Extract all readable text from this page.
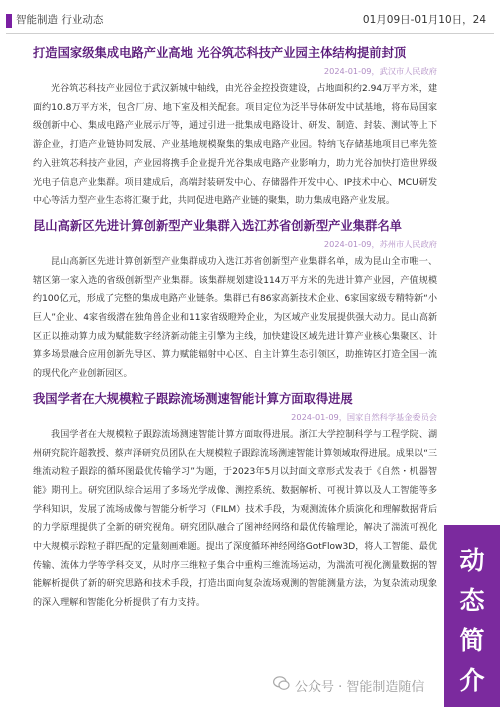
智能制造 行业动态	01月09日-01月10日，24
打造国家级集成电路产业高地 光谷筑芯科技产业园主体结构提前封顶
2024-01-09，武汉市人民政府

光谷筑芯科技产业园位于武汉新城中轴线，由光谷金控投资建设，占地面积约2.94万平方米，建面约10.8万平方米，包含厂房、地下室及相关配套。项目定位为泛半导体研发中试基地，将布局国家级创新中心、集成电路产业展示厅等，通过引进一批集成电路设计、研发、制造、封装、测试等上下游企业，打造产业链协同发展、产业基地规模聚集的集成电路产业园。特纳飞存储基地项目已率先签约入驻筑芯科技产业园，产业园将携手企业提升光谷集成电路产业影响力，助力光谷加快打造世界级光电子信息产业集群。项目建成后，高端封装研发中心、存储器件开发中心、IP技术中心、MCU研发中心等活力型产业生态将汇聚于此，共同促进电路产业链的聚集，助力集成电路产业发展。

昆山高新区先进计算创新型产业集群入选江苏省创新型产业集群名单
2024-01-09，苏州市人民政府

昆山高新区先进计算创新型产业集群成功入选江苏省创新型产业集群名单，成为昆山全市唯一、辖区第一家入选的省级创新型产业集群。该集群规划建设114万平方米的先进计算产业园，产值规模约100亿元，形成了完整的集成电路产业链条。集群已有86家高新技术企业、6家国家级专精特新“小巨人”企业、4家省级潜在独角兽企业和11家省级瞪羚企业，为区域产业发展提供强大动力。昆山高新区正以推动算力成为赋能数字经济新动能主引擎为主线，加快建设区域先进计算产业核心集聚区、计算多场景融合应用创新先导区、算力赋能辐射中心区、自主计算生态引领区，助推铸区打造全国一流的现代化产业创新园区。

我国学者在大规模粒子跟踪流场测速智能计算方面取得进展
2024-01-09，国家自然科学基金委员会

我国学者在大规模粒子跟踪流场测速智能计算方面取得进展。浙江大学控制科学与工程学院、湖州研究院许超教授、蔡声泽研究员团队在大规模粒子跟踪流场测速智能计算领域取得进展。成果以“三维流动粒子跟踪的循环图最优传输学习”为题，于2023年5月以封面文章形式发表于《自然・机器智能》期刊上。研究团队综合运用了多场光学成像、测控系统、数据解析、可视计算以及人工智能等多学科知识，发展了流场成像与智能分析学习（FILM）技术手段，为观测流体介质演化和理解数据背后的力学原理提供了全新的研究视角。研究团队融合了图神经网络和最优传输理论，解决了湍流可视化中大规模示踪粒子群匹配的定量刻画难题。提出了深度循环神经网络GotFlow3D，将人工智能、最优传输、流体力学等学科交叉，从时序三维粒子集合中重构三维流场运动，为湍流可视化测量数据的智能解析提供了新的研究思路和技术手段，打造出面向复杂流场观测的智能测量方法，为复杂流动现象的深入理解和智能化分析提供了有力支持。

动
态
简
介
公众号 · 智能制造随信
